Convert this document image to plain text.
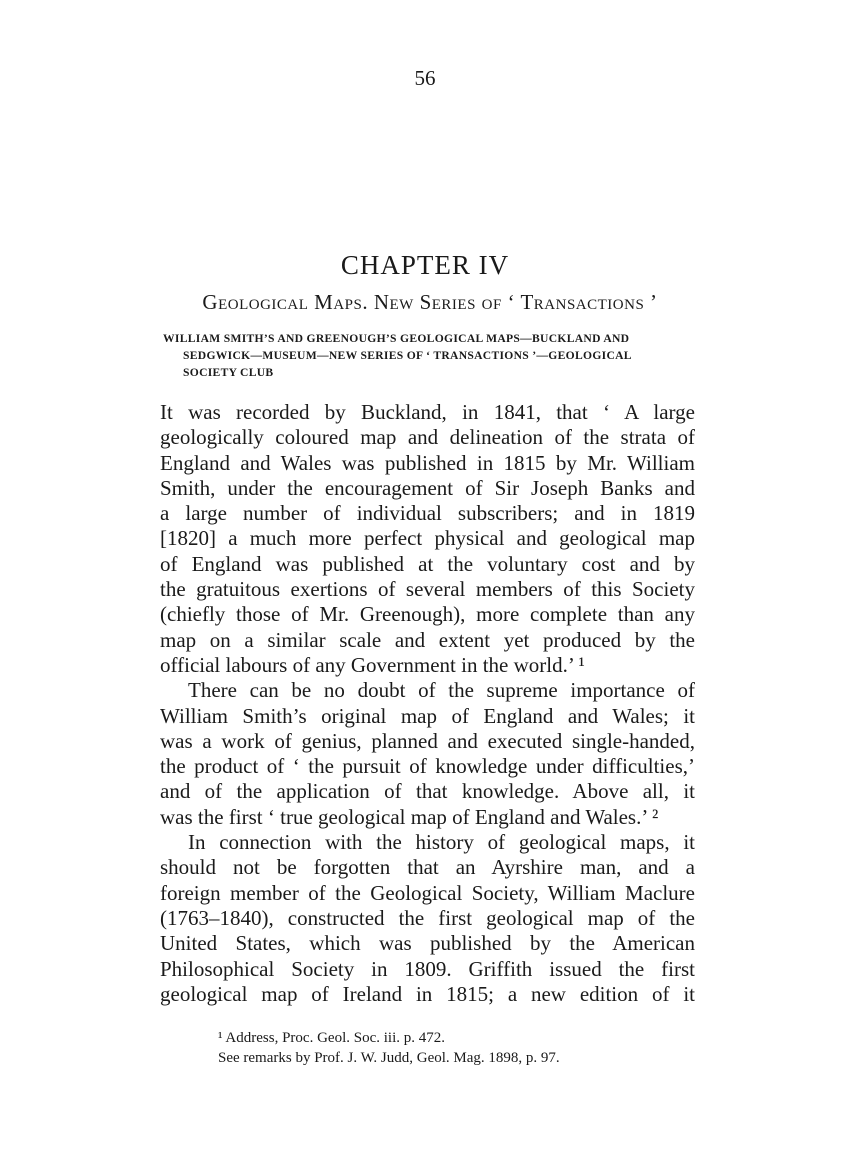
56
CHAPTER IV
Geological Maps. New Series of ‘ Transactions ’
WILLIAM SMITH’S AND GREENOUGH’S GEOLOGICAL MAPS—BUCKLAND AND
SEDGWICK—MUSEUM—NEW SERIES OF ‘ TRANSACTIONS ’—GEOLOGICAL
SOCIETY CLUB
It was recorded by Buckland, in 1841, that ‘ A large
geologically coloured map and delineation of the strata of
England and Wales was published in 1815 by Mr. William
Smith, under the encouragement of Sir Joseph Banks and
a large number of individual subscribers; and in 1819
[1820] a much more perfect physical and geological map
of England was published at the voluntary cost and by
the gratuitous exertions of several members of this Society
(chiefly those of Mr. Greenough), more complete than any
map on a similar scale and extent yet produced by the
official labours of any Government in the world.’ ¹
There can be no doubt of the supreme importance of
William Smith’s original map of England and Wales; it
was a work of genius, planned and executed single-handed,
the product of ‘ the pursuit of knowledge under difficulties,’
and of the application of that knowledge. Above all, it
was the first ‘ true geological map of England and Wales.’ ²
In connection with the history of geological maps, it
should not be forgotten that an Ayrshire man, and a
foreign member of the Geological Society, William Maclure
(1763–1840), constructed the first geological map of the
United States, which was published by the American
Philosophical Society in 1809. Griffith issued the first
geological map of Ireland in 1815; a new edition of it
¹ Address, Proc. Geol. Soc. iii. p. 472.
See remarks by Prof. J. W. Judd, Geol. Mag. 1898, p. 97.
